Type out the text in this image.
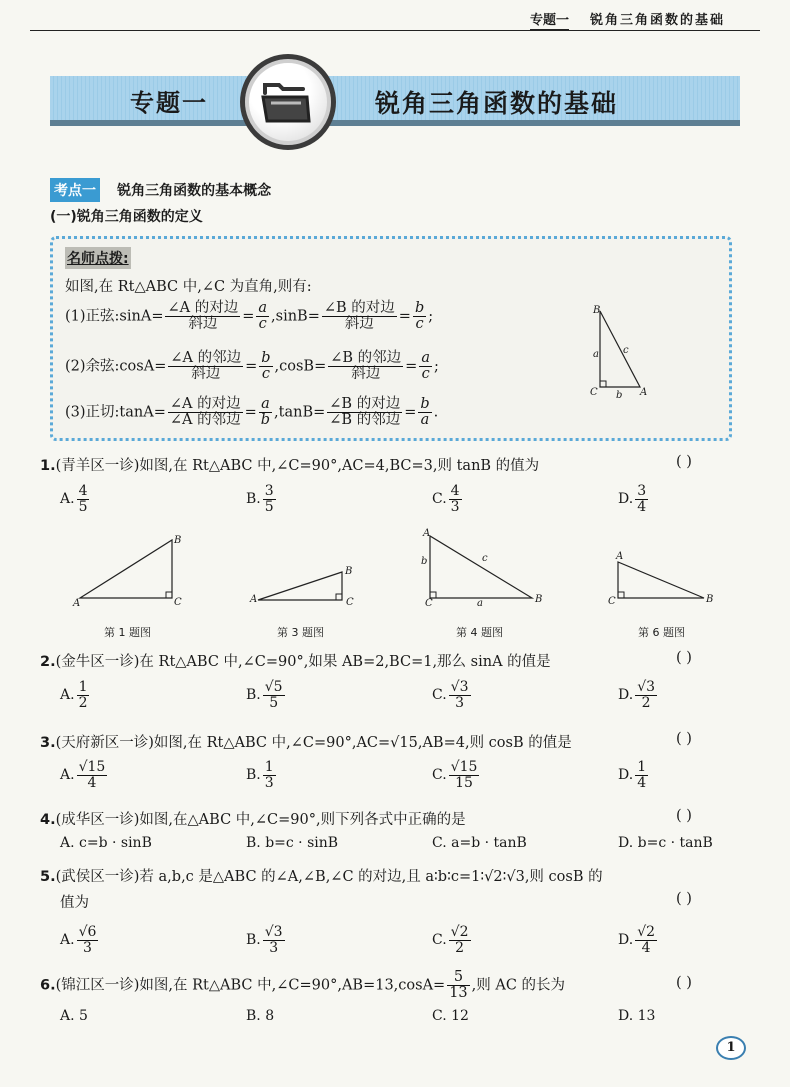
专题一 锐角三角函数的基础
专题一	锐角三角函数的基础
考点一 锐角三角函数的基本概念
(一)锐角三角函数的定义
名师点拨:
如图,在 Rt△ABC 中,∠C 为直角,则有:
(1)正弦:sinA= $\frac{\text{∠A 的对边}}{\text{斜边}} = \frac{a}{c} ,\sin B= \frac{\text{∠B 的对边}}{\text{斜边}} = \frac{b}{c}$ ;
(2)余弦:cosA= $\frac{\text{∠A 的邻边}}{\text{斜边}} = \frac{b}{c} ,\cos B= \frac{\text{∠B 的邻边}}{\text{斜边}} = \frac{a}{c}$ ;
(3)正切:tanA= $\frac{\text{∠A 的对边}}{\text{∠A 的邻边}} = \frac{a}{b} ,\tan B= \frac{\text{∠B 的对边}}{\text{∠B 的邻边}} = \frac{b}{a}$ .
B
a c
C b A
1.(青羊区一诊)如图,在 Rt△ABC 中,∠C=90°,AC=4,BC=3,则 tanB 的值为	( )
A. $\frac{4}{5}$	B. $\frac{3}{5}$	C. $\frac{4}{3}$	D. $\frac{3}{4}$
A
B
C
第 1 题图
A
B
C
第 3 题图
A
b	c
C	a	B
第 4 题图
A
C	B
第 6 题图
2.(金牛区一诊)在 Rt△ABC 中,∠C=90°,如果 AB=2,BC=1,那么 sinA 的值是	( )
A. $\frac{1}{2}$	B. $\frac{√5}{5}$	C. $\frac{√3}{3}$	D. $\frac{√3}{2}$
3.(天府新区一诊)如图,在 Rt△ABC 中,∠C=90°,AC=√15,AB=4,则 cosB 的值是	( )
A. $\frac{√15}{4}$	B. $\frac{1}{3}$	C. $\frac{√15}{15}$	D. $\frac{1}{4}$
4.(成华区一诊)如图,在△ABC 中,∠C=90°,则下列各式中正确的是	( )
A. c=b · sinB	B. b=c · sinB	C. a=b · tanB	D. b=c · tanB
5.(武侯区一诊)若 a,b,c 是△ABC 的∠A,∠B,∠C 的对边,且 a∶b∶c=1∶√2∶√3,则 cosB 的
值为	( )
A. $\frac{√6}{3}$	B. $\frac{√3}{3}$	C. $\frac{√2}{2}$	D. $\frac{√2}{4}$
6.(锦江区一诊)如图,在 Rt△ABC 中,∠C=90°,AB=13,cosA= $\frac{5}{13}$ ,则 AC 的长为	( )
A. 5	B. 8	C. 12	D. 13
1
